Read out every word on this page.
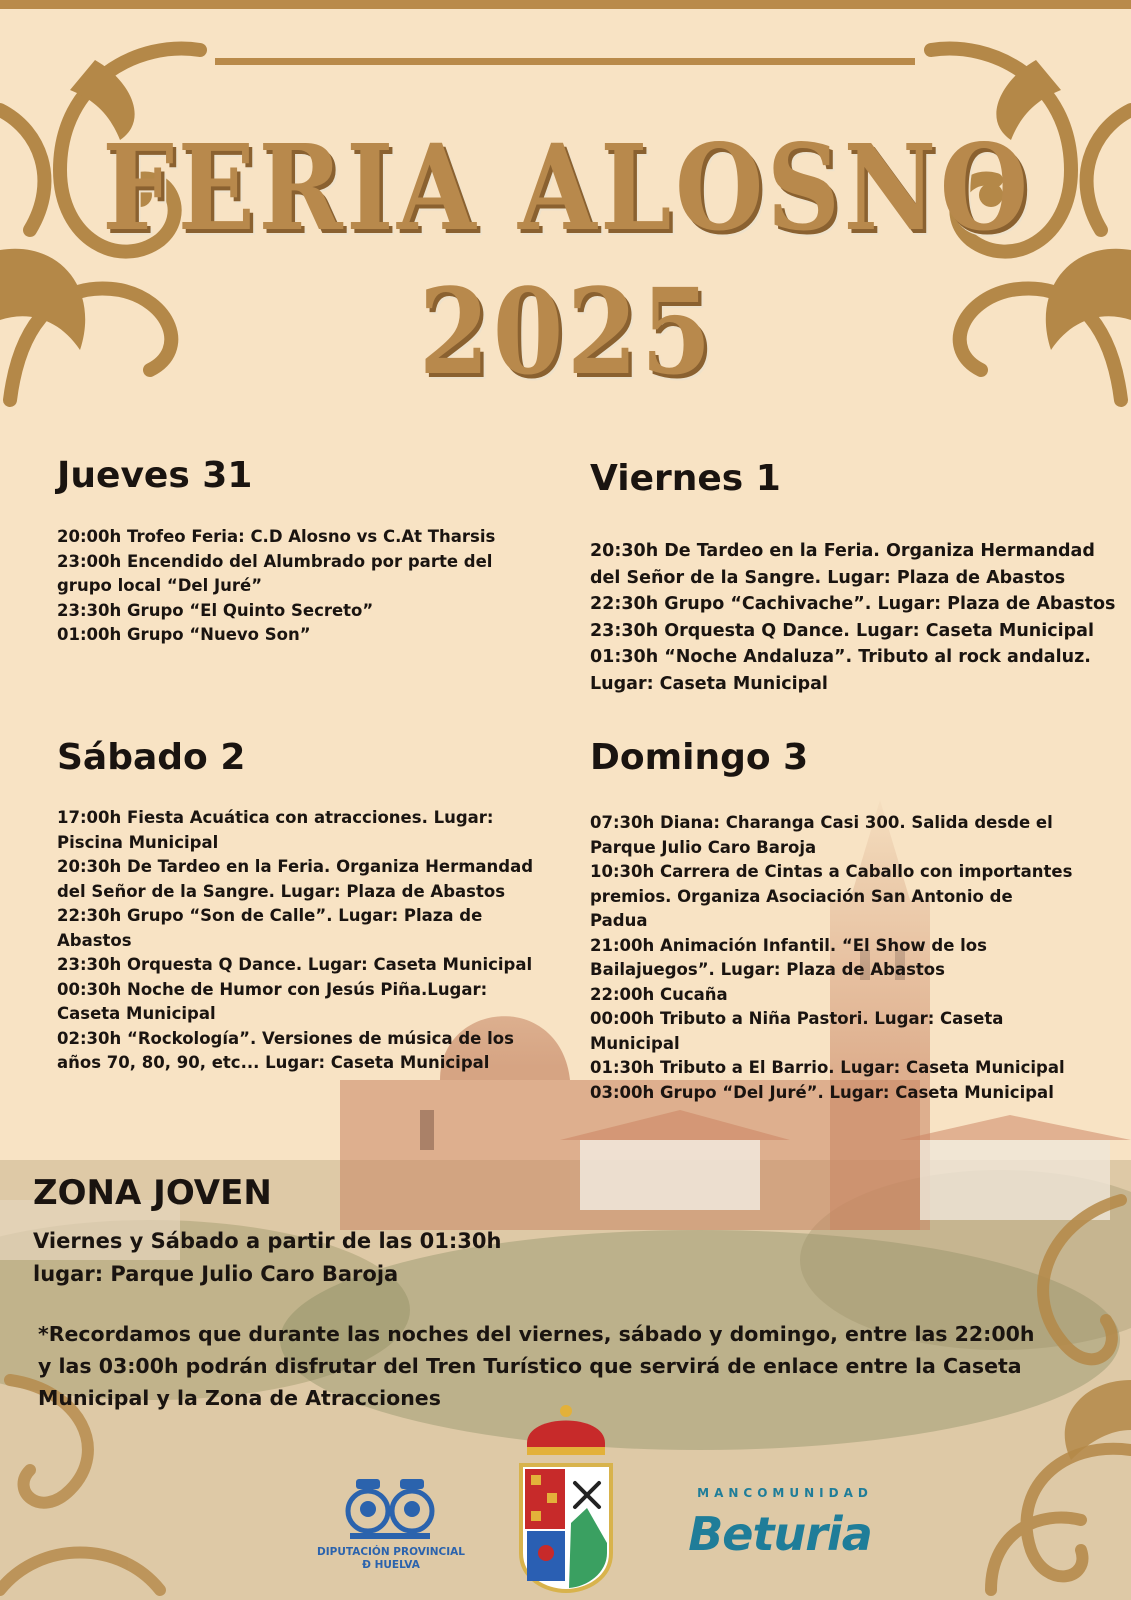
FERIA ALOSNO
2025
Jueves 31
20:00h Trofeo Feria: C.D Alosno vs C.At Tharsis
23:00h Encendido del Alumbrado por parte del
grupo local “Del Juré”
23:30h Grupo “El Quinto Secreto”
01:00h Grupo “Nuevo Son”
Viernes 1
20:30h De Tardeo en la Feria. Organiza Hermandad
del Señor de la Sangre. Lugar: Plaza de Abastos
22:30h Grupo “Cachivache”. Lugar: Plaza de Abastos
23:30h Orquesta Q Dance. Lugar: Caseta Municipal
01:30h “Noche Andaluza”. Tributo al rock andaluz.
Lugar: Caseta Municipal
Sábado 2
17:00h Fiesta Acuática con atracciones. Lugar:
Piscina Municipal
20:30h De Tardeo en la Feria. Organiza Hermandad
del Señor de la Sangre. Lugar: Plaza de Abastos
22:30h Grupo “Son de Calle”. Lugar: Plaza de
Abastos
23:30h Orquesta Q Dance. Lugar: Caseta Municipal
00:30h Noche de Humor con Jesús Piña.Lugar:
Caseta Municipal
02:30h “Rockología”. Versiones de música de los
años 70, 80, 90, etc... Lugar: Caseta Municipal
Domingo 3
07:30h Diana: Charanga Casi 300. Salida desde el
Parque Julio Caro Baroja
10:30h Carrera de Cintas a Caballo con importantes
premios. Organiza Asociación San Antonio de
Padua
21:00h Animación Infantil. “El Show de los
Bailajuegos”. Lugar: Plaza de Abastos
22:00h Cucaña
00:00h Tributo a Niña Pastori. Lugar: Caseta
Municipal
01:30h Tributo a El Barrio. Lugar: Caseta Municipal
03:00h Grupo “Del Juré”. Lugar: Caseta Municipal
ZONA JOVEN
Viernes y Sábado a partir de las 01:30h
lugar: Parque Julio Caro Baroja
*Recordamos que durante las noches del viernes, sábado y domingo, entre las 22:00h
y las 03:00h podrán disfrutar del Tren Turístico que servirá de enlace entre la Caseta
Municipal y la Zona de Atracciones
DIPUTACIÓN PROVINCIAL
Ð HUELVA
MANCOMUNIDAD
Beturia
